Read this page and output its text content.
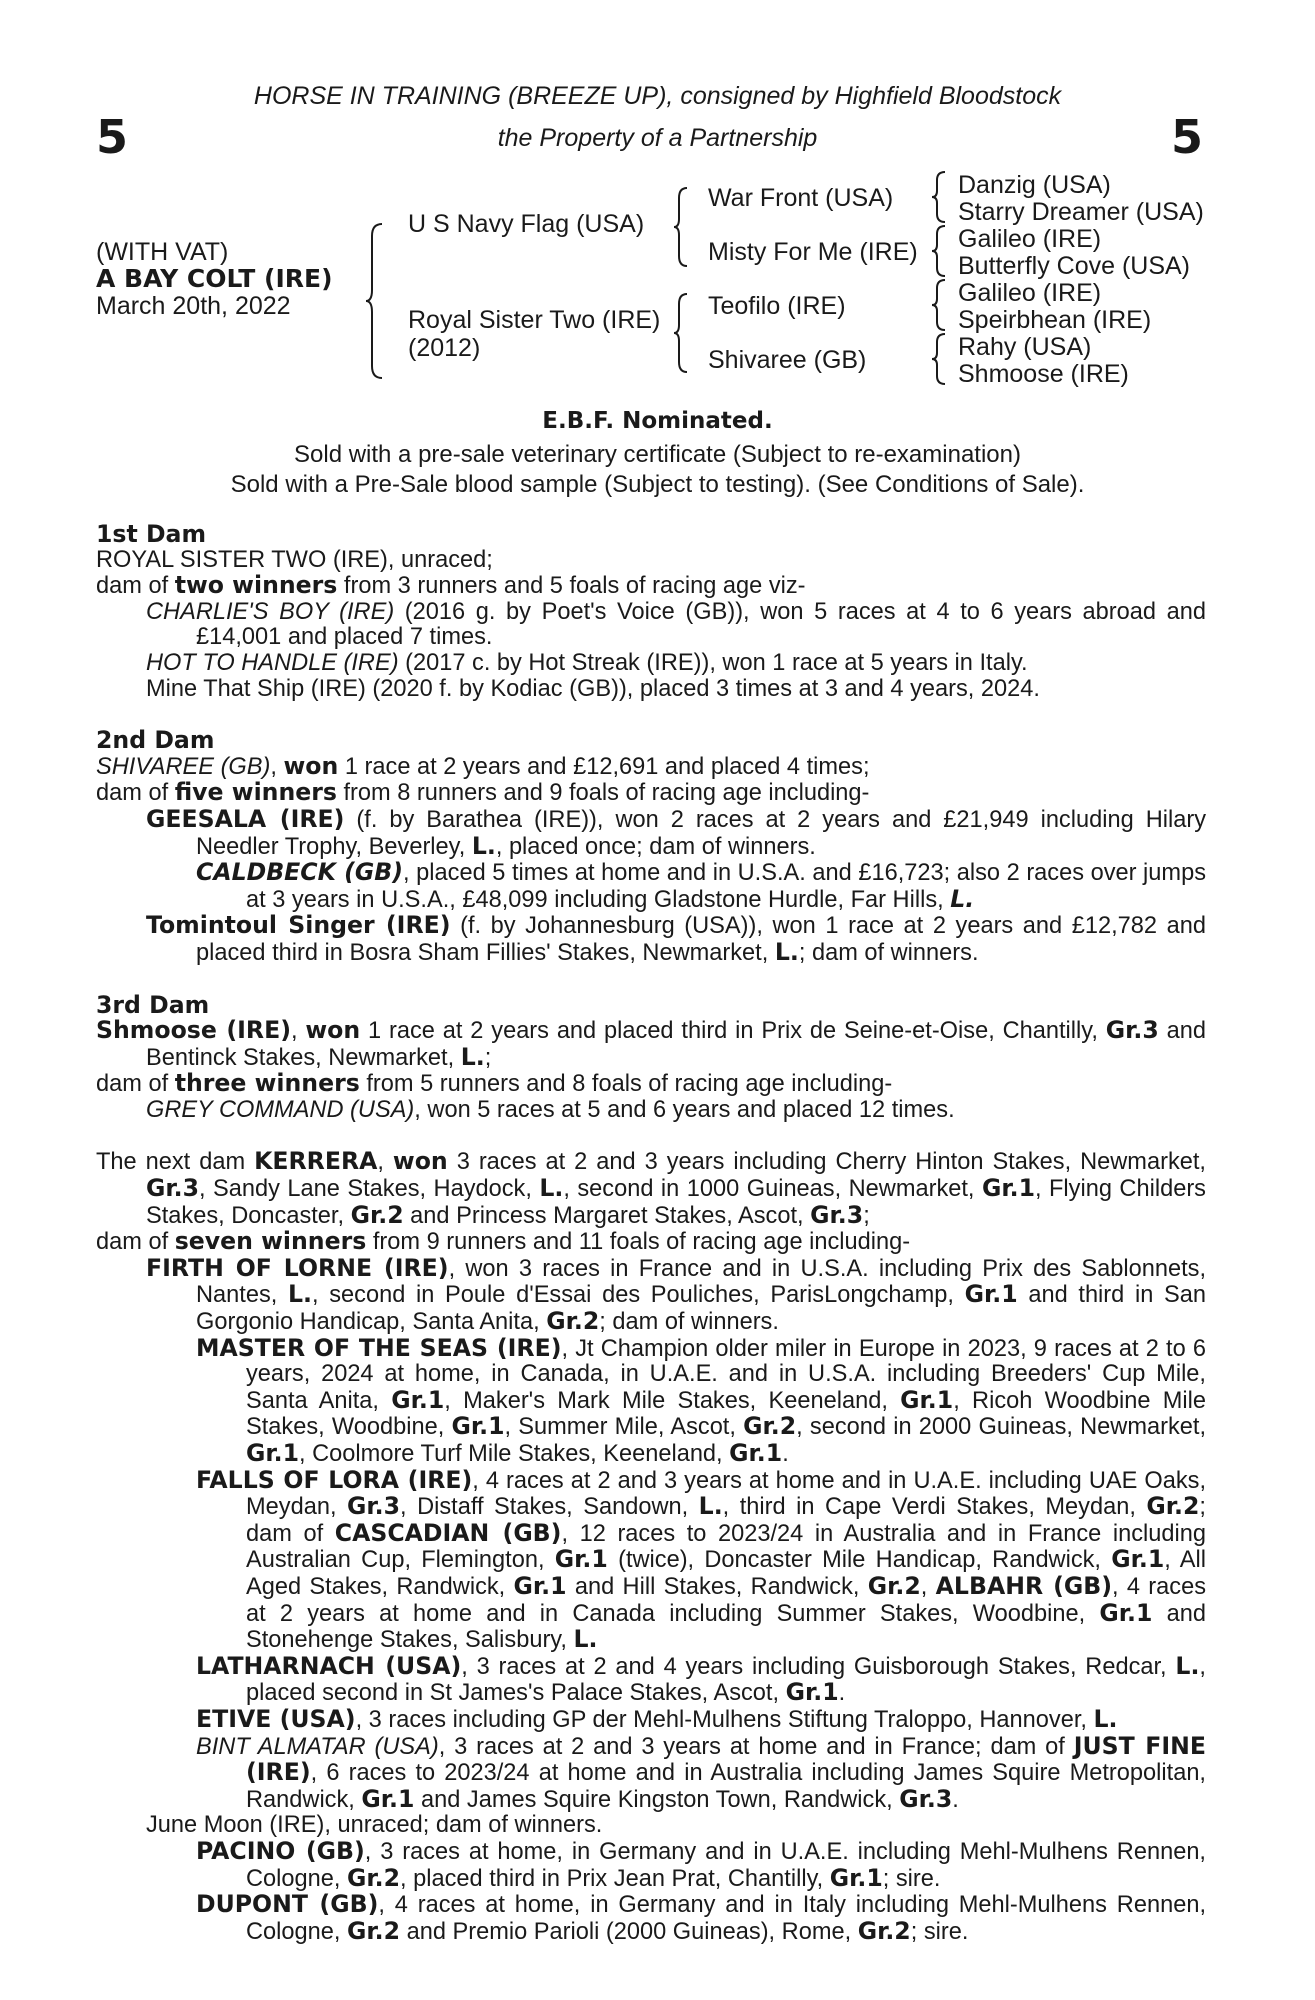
5	5
HORSE IN TRAINING (BREEZE UP), consigned by Highfield Bloodstock
the Property of a Partnership
(WITH VAT)
A BAY COLT (IRE)
March 20th, 2022
U S Navy Flag (USA)
Royal Sister Two (IRE)
(2012)
War Front (USA)
Misty For Me (IRE)
Teofilo (IRE)
Shivaree (GB)
Danzig (USA)
Starry Dreamer (USA)
Galileo (IRE)
Butterfly Cove (USA)
Galileo (IRE)
Speirbhean (IRE)
Rahy (USA)
Shmoose (IRE)
E.B.F. Nominated.
Sold with a pre-sale veterinary certificate (Subject to re-examination)
Sold with a Pre-Sale blood sample (Subject to testing). (See Conditions of Sale).
1st Dam
ROYAL SISTER TWO (IRE), unraced;
dam of two winners from 3 runners and 5 foals of racing age viz-
CHARLIE'S BOY (IRE) (2016 g. by Poet's Voice (GB)), won 5 races at 4 to 6 years abroad and £14,001 and placed 7 times.
HOT TO HANDLE (IRE) (2017 c. by Hot Streak (IRE)), won 1 race at 5 years in Italy.
Mine That Ship (IRE) (2020 f. by Kodiac (GB)), placed 3 times at 3 and 4 years, 2024.
2nd Dam
SHIVAREE (GB), won 1 race at 2 years and £12,691 and placed 4 times;
dam of five winners from 8 runners and 9 foals of racing age including-
GEESALA (IRE) (f. by Barathea (IRE)), won 2 races at 2 years and £21,949 including Hilary Needler Trophy, Beverley, L., placed once; dam of winners.
CALDBECK (GB), placed 5 times at home and in U.S.A. and £16,723; also 2 races over jumps at 3 years in U.S.A., £48,099 including Gladstone Hurdle, Far Hills, L.
Tomintoul Singer (IRE) (f. by Johannesburg (USA)), won 1 race at 2 years and £12,782 and placed third in Bosra Sham Fillies' Stakes, Newmarket, L.; dam of winners.
3rd Dam
Shmoose (IRE), won 1 race at 2 years and placed third in Prix de Seine-et-Oise, Chantilly, Gr.3 and Bentinck Stakes, Newmarket, L.;
dam of three winners from 5 runners and 8 foals of racing age including-
GREY COMMAND (USA), won 5 races at 5 and 6 years and placed 12 times.
The next dam KERRERA, won 3 races at 2 and 3 years including Cherry Hinton Stakes, Newmarket, Gr.3, Sandy Lane Stakes, Haydock, L., second in 1000 Guineas, Newmarket, Gr.1, Flying Childers Stakes, Doncaster, Gr.2 and Princess Margaret Stakes, Ascot, Gr.3;
dam of seven winners from 9 runners and 11 foals of racing age including-
FIRTH OF LORNE (IRE), won 3 races in France and in U.S.A. including Prix des Sablonnets, Nantes, L., second in Poule d'Essai des Pouliches, ParisLongchamp, Gr.1 and third in San Gorgonio Handicap, Santa Anita, Gr.2; dam of winners.
MASTER OF THE SEAS (IRE), Jt Champion older miler in Europe in 2023, 9 races at 2 to 6 years, 2024 at home, in Canada, in U.A.E. and in U.S.A. including Breeders' Cup Mile, Santa Anita, Gr.1, Maker's Mark Mile Stakes, Keeneland, Gr.1, Ricoh Woodbine Mile Stakes, Woodbine, Gr.1, Summer Mile, Ascot, Gr.2, second in 2000 Guineas, Newmarket, Gr.1, Coolmore Turf Mile Stakes, Keeneland, Gr.1.
FALLS OF LORA (IRE), 4 races at 2 and 3 years at home and in U.A.E. including UAE Oaks, Meydan, Gr.3, Distaff Stakes, Sandown, L., third in Cape Verdi Stakes, Meydan, Gr.2; dam of CASCADIAN (GB), 12 races to 2023/24 in Australia and in France including Australian Cup, Flemington, Gr.1 (twice), Doncaster Mile Handicap, Randwick, Gr.1, All Aged Stakes, Randwick, Gr.1 and Hill Stakes, Randwick, Gr.2, ALBAHR (GB), 4 races at 2 years at home and in Canada including Summer Stakes, Woodbine, Gr.1 and Stonehenge Stakes, Salisbury, L.
LATHARNACH (USA), 3 races at 2 and 4 years including Guisborough Stakes, Redcar, L., placed second in St James's Palace Stakes, Ascot, Gr.1.
ETIVE (USA), 3 races including GP der Mehl-Mulhens Stiftung Traloppo, Hannover, L.
BINT ALMATAR (USA), 3 races at 2 and 3 years at home and in France; dam of JUST FINE (IRE), 6 races to 2023/24 at home and in Australia including James Squire Metropolitan, Randwick, Gr.1 and James Squire Kingston Town, Randwick, Gr.3.
June Moon (IRE), unraced; dam of winners.
PACINO (GB), 3 races at home, in Germany and in U.A.E. including Mehl-Mulhens Rennen, Cologne, Gr.2, placed third in Prix Jean Prat, Chantilly, Gr.1; sire.
DUPONT (GB), 4 races at home, in Germany and in Italy including Mehl-Mulhens Rennen, Cologne, Gr.2 and Premio Parioli (2000 Guineas), Rome, Gr.2; sire.
